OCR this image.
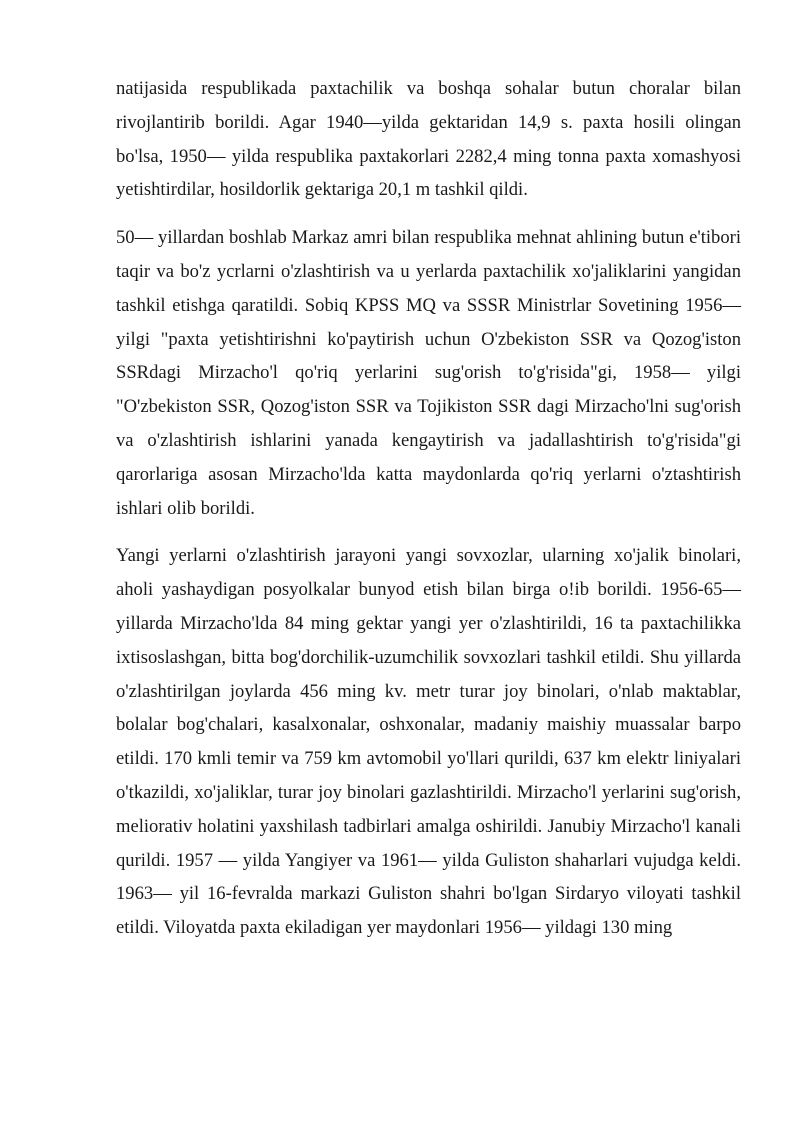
natijasida respublikada paxtachilik va boshqa sohalar butun choralar bilan rivojlantirib borildi. Agar 1940—yilda gektaridan 14,9 s. paxta hosili olingan bo'lsa, 1950— yilda respublika paxtakorlari 2282,4 ming tonna paxta xomashyosi yetishtirdilar, hosildorlik gektariga 20,1 m tashkil qildi.

50— yillardan boshlab Markaz amri bilan respublika mehnat ahlining butun e'tibori taqir va bo'z ycrlarni o'zlashtirish va u yerlarda paxtachilik xo'jaliklarini yangidan tashkil etishga qaratildi. Sobiq KPSS MQ va SSSR Ministrlar Sovetining 1956— yilgi "paxta yetishtirishni ko'paytirish uchun O'zbekiston SSR va Qozog'iston SSRdagi Mirzacho'l qo'riq yerlarini sug'orish to'g'risida"gi, 1958— yilgi "O'zbekiston SSR, Qozog'iston SSR va Tojikiston SSR dagi Mirzacho'lni sug'orish va o'zlashtirish ishlarini yanada kengaytirish va jadallashtirish to'g'risida"gi qarorlariga asosan Mirzacho'lda katta maydonlarda qo'riq yerlarni o'ztashtirish ishlari olib borildi.

Yangi yerlarni o'zlashtirish jarayoni yangi sovxozlar, ularning xo'jalik binolari, aholi yashaydigan posyolkalar bunyod etish bilan birga o!ib borildi. 1956-65— yillarda Mirzacho'lda 84 ming gektar yangi yer o'zlashtirildi, 16 ta paxtachilikka ixtisoslashgan, bitta bog'dorchilik-uzumchilik sovxozlari tashkil etildi. Shu yillarda o'zlashtirilgan joylarda 456 ming kv. metr turar joy binolari, o'nlab maktablar, bolalar bog'chalari, kasalxonalar, oshxonalar, madaniy maishiy muassalar barpo etildi. 170 kmli temir va 759 km avtomobil yo'llari qurildi, 637 km elektr liniyalari o'tkazildi, xo'jaliklar, turar joy binolari gazlashtirildi. Mirzacho'l yerlarini sug'orish, meliorativ holatini yaxshilash tadbirlari amalga oshirildi. Janubiy Mirzacho'l kanali qurildi. 1957 — yilda Yangiyer va 1961— yilda Guliston shaharlari vujudga keldi. 1963— yil 16-fevralda markazi Guliston shahri bo'lgan Sirdaryo viloyati tashkil etildi. Viloyatda paxta ekiladigan yer maydonlari 1956— yildagi 130 ming
